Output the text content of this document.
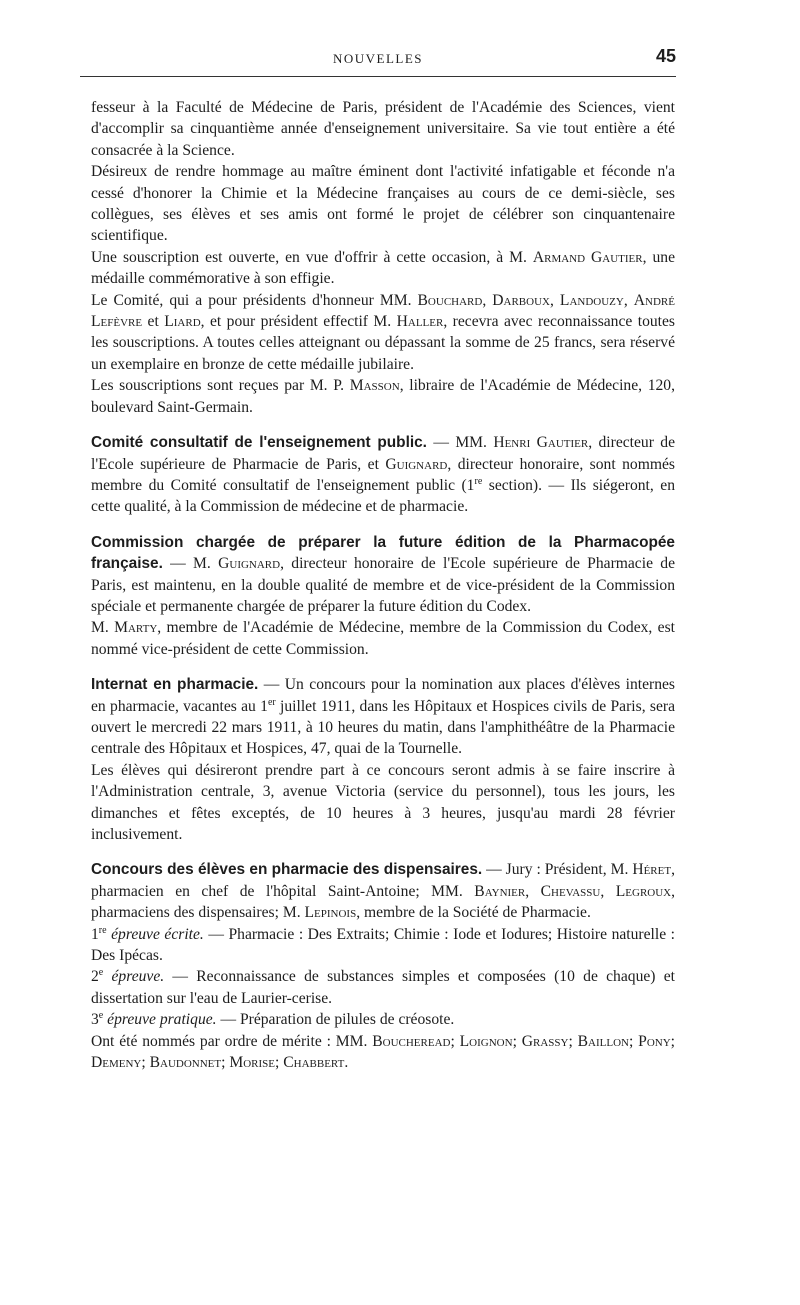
NOUVELLES	45

fesseur à la Faculté de Médecine de Paris, président de l'Académie des Sciences, vient d'accomplir sa cinquantième année d'enseignement universitaire. Sa vie tout entière a été consacrée à la Science.

Désireux de rendre hommage au maître éminent dont l'activité infatigable et féconde n'a cessé d'honorer la Chimie et la Médecine françaises au cours de ce demi-siècle, ses collègues, ses élèves et ses amis ont formé le projet de célébrer son cinquantenaire scientifique.

Une souscription est ouverte, en vue d'offrir à cette occasion, à M. Armand Gautier, une médaille commémorative à son effigie.

Le Comité, qui a pour présidents d'honneur MM. Bouchard, Darboux, Landouzy, André Lefèvre et Liard, et pour président effectif M. Haller, recevra avec reconnaissance toutes les souscriptions. A toutes celles atteignant ou dépassant la somme de 25 francs, sera réservé un exemplaire en bronze de cette médaille jubilaire.

Les souscriptions sont reçues par M. P. Masson, libraire de l'Académie de Médecine, 120, boulevard Saint-Germain.

Comité consultatif de l'enseignement public. — MM. Henri Gautier, directeur de l'Ecole supérieure de Pharmacie de Paris, et Guignard, directeur honoraire, sont nommés membre du Comité consultatif de l'enseignement public (1re section). — Ils siégeront, en cette qualité, à la Commission de médecine et de pharmacie.

Commission chargée de préparer la future édition de la Pharmacopée française. — M. Guignard, directeur honoraire de l'Ecole supérieure de Pharmacie de Paris, est maintenu, en la double qualité de membre et de vice-président de la Commission spéciale et permanente chargée de préparer la future édition du Codex.

M. Marty, membre de l'Académie de Médecine, membre de la Commission du Codex, est nommé vice-président de cette Commission.

Internat en pharmacie. — Un concours pour la nomination aux places d'élèves internes en pharmacie, vacantes au 1er juillet 1911, dans les Hôpitaux et Hospices civils de Paris, sera ouvert le mercredi 22 mars 1911, à 10 heures du matin, dans l'amphithéâtre de la Pharmacie centrale des Hôpitaux et Hospices, 47, quai de la Tournelle.

Les élèves qui désireront prendre part à ce concours seront admis à se faire inscrire à l'Administration centrale, 3, avenue Victoria (service du personnel), tous les jours, les dimanches et fêtes exceptés, de 10 heures à 3 heures, jusqu'au mardi 28 février inclusivement.

Concours des élèves en pharmacie des dispensaires. — Jury : Président, M. Héret, pharmacien en chef de l'hôpital Saint-Antoine; MM. Baynier, Chevassu, Legroux, pharmaciens des dispensaires; M. Lepinois, membre de la Société de Pharmacie.

1re épreuve écrite. — Pharmacie : Des Extraits; Chimie : Iode et Iodures; Histoire naturelle : Des Ipécas.

2e épreuve. — Reconnaissance de substances simples et composées (10 de chaque) et dissertation sur l'eau de Laurier-cerise.

3e épreuve pratique. — Préparation de pilules de créosote.

Ont été nommés par ordre de mérite : MM. Boucheread; Loignon; Grassy; Baillon; Pony; Demeny; Baudonnet; Morise; Chabbert.
